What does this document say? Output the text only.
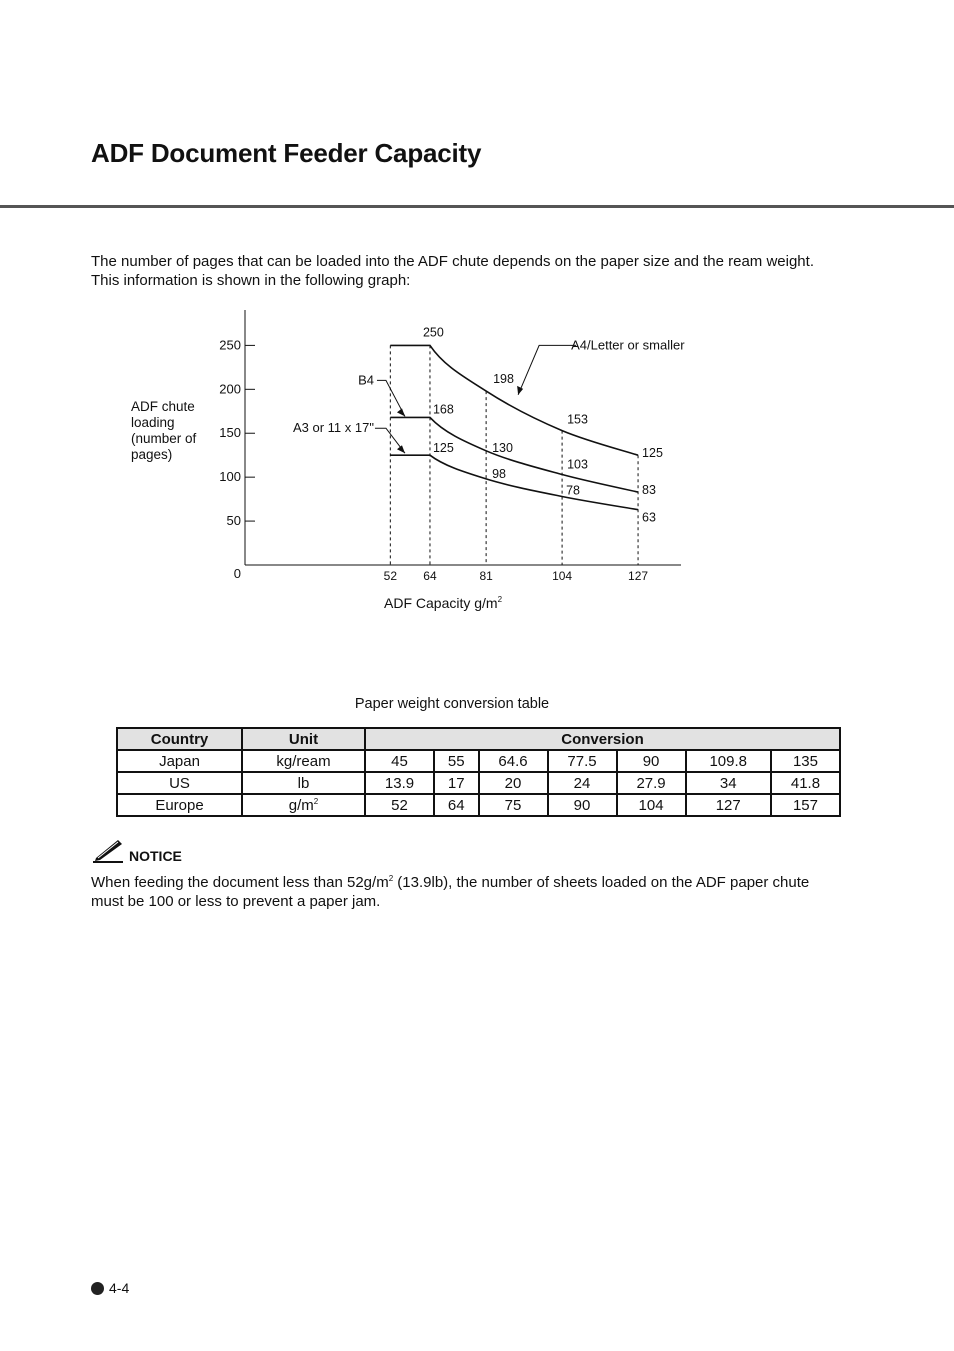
ADF Document Feeder Capacity

The number of pages that can be loaded into the ADF chute depends on the paper size and the ream weight. This information is shown in the following graph:

0
50
100
150
200
250
52 64	81	104	127
250
198
153
125
168
130
103
83
125
98
78
63
A4/Letter or smaller
B4
A3 or 11 x 17"
ADF chute
loading
(number of
pages)
ADF Capacity $g/m^2$
Paper weight conversion table
Country	Unit	Conversion						
Japan	kg/ream	45	55	64.6	77.5	90	109.8	135
US	lb	13.9	17	20	24	27.9	34	41.8
Europe	$g/m^2$	52	64	75	90	104	127	157
NOTICE

When feeding the document less than $52g/m^2$ (13.9lb), the number of sheets loaded on the ADF paper chute must be 100 or less to prevent a paper jam.

4-4
